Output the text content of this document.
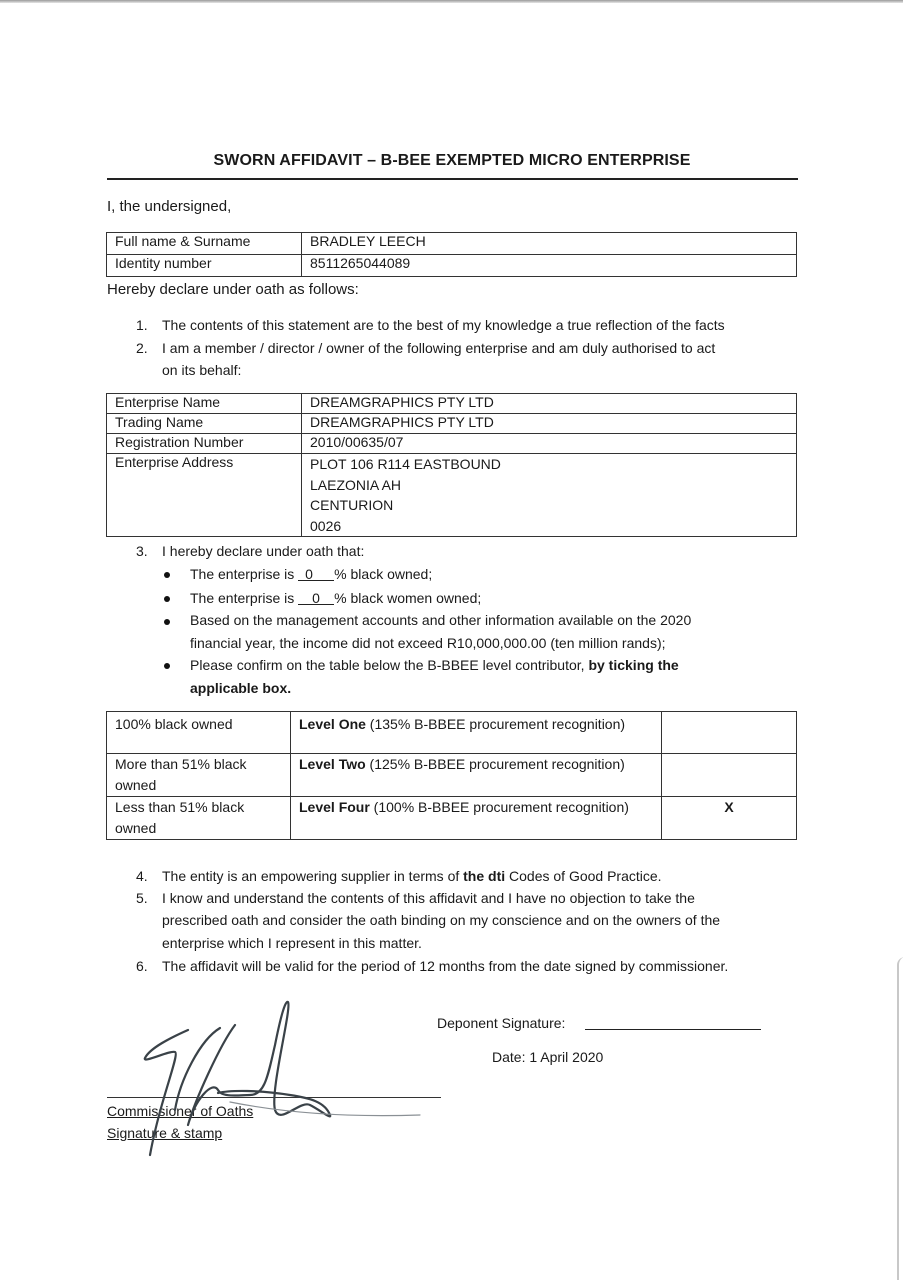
SWORN AFFIDAVIT – B-BEE EXEMPTED MICRO ENTERPRISE
I, the undersigned,
Full name & Surname	BRADLEY LEECH
Identity number	8511265044089
Hereby declare under oath as follows:
1. The contents of this statement are to the best of my knowledge a true reflection of the facts
2. I am a member / director / owner of the following enterprise and am duly authorised to act
on its behalf:
Enterprise Name	DREAMGRAPHICS PTY LTD
Trading Name	DREAMGRAPHICS PTY LTD
Registration Number	2010/00635/07
Enterprise Address	PLOT 106 R114 EASTBOUND
LAEZONIA AH
CENTURION
0026
3. I hereby declare under oath that:
The enterprise is 0 % black owned;
The enterprise is 0 % black women owned;
Based on the management accounts and other information available on the 2020
financial year, the income did not exceed R10,000,000.00 (ten million rands);
Please confirm on the table below the B-BBEE level contributor, by ticking the
applicable box.
100% black owned	Level One (135% B-BBEE procurement recognition)	

More than 51% black
owned	Level Two (125% B-BBEE procurement recognition)	

Less than 51% black
owned	Level Four (100% B-BBEE procurement recognition)	X
4. The entity is an empowering supplier in terms of the dti Codes of Good Practice.
5. I know and understand the contents of this affidavit and I have no objection to take the
prescribed oath and consider the oath binding on my conscience and on the owners of the
enterprise which I represent in this matter.
6. The affidavit will be valid for the period of 12 months from the date signed by commissioner.
Deponent Signature:
Date: 1 April 2020
Commissioner of Oaths
Signature & stamp
